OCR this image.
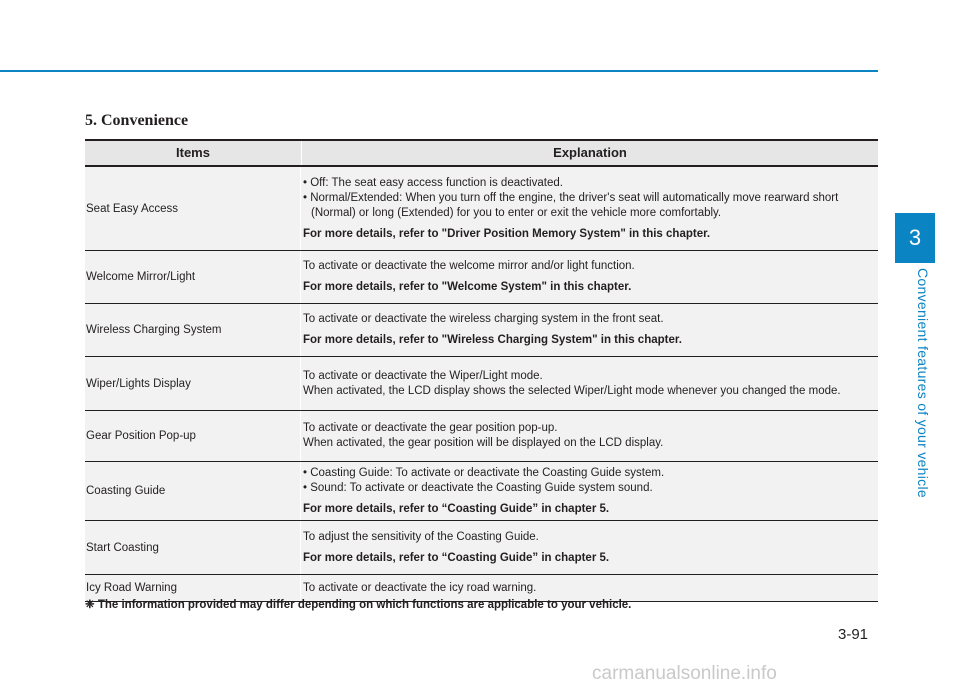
5. Convenience
Items	Explanation
Seat Easy Access
• Off: The seat easy access function is deactivated.
• Normal/Extended: When you turn off the engine, the driver's seat will automatically move rearward short (Normal) or long (Extended) for you to enter or exit the vehicle more comfortably.
For more details, refer to "Driver Position Memory System" in this chapter.
Welcome Mirror/Light
To activate or deactivate the welcome mirror and/or light function.
For more details, refer to "Welcome System" in this chapter.
Wireless Charging System
To activate or deactivate the wireless charging system in the front seat.
For more details, refer to "Wireless Charging System" in this chapter.
Wiper/Lights Display
To activate or deactivate the Wiper/Light mode.
When activated, the LCD display shows the selected Wiper/Light mode whenever you changed the mode.
Gear Position Pop-up
To activate or deactivate the gear position pop-up.
When activated, the gear position will be displayed on the LCD display.
Coasting Guide
• Coasting Guide: To activate or deactivate the Coasting Guide system.
• Sound: To activate or deactivate the Coasting Guide system sound.
For more details, refer to “Coasting Guide” in chapter 5.
Start Coasting
To adjust the sensitivity of the Coasting Guide.
For more details, refer to “Coasting Guide” in chapter 5.
Icy Road Warning	To activate or deactivate the icy road warning.
❈ The information provided may differ depending on which functions are applicable to your vehicle.
3
Convenient features of your vehicle
3-91
carmanualsonline.info
